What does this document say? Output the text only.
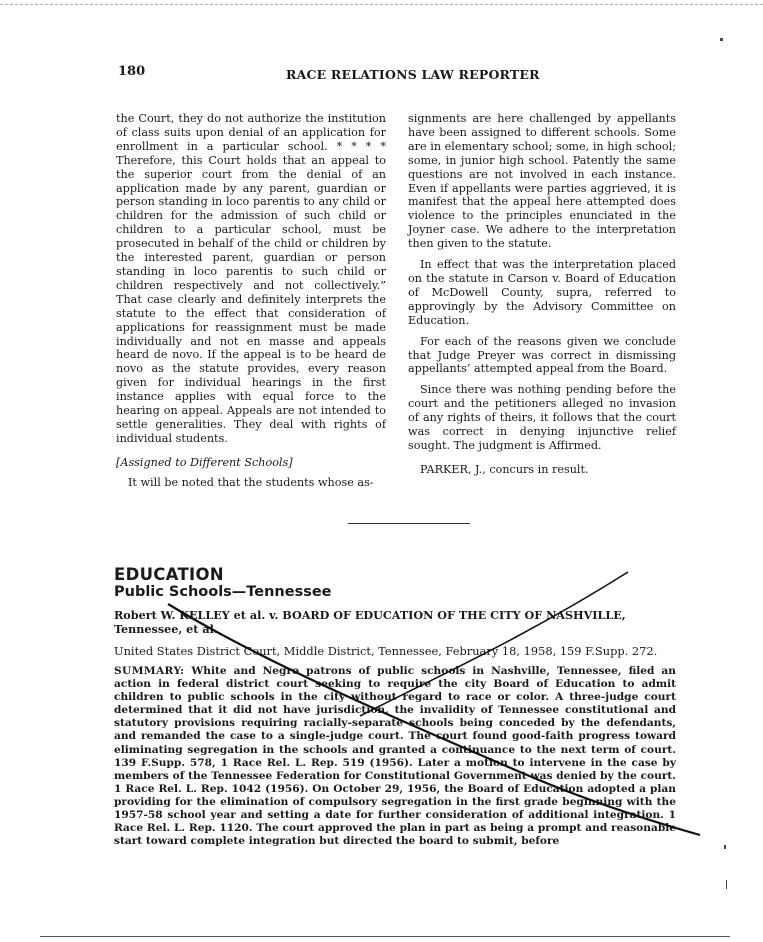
180	RACE RELATIONS LAW REPORTER

the Court, they do not authorize the institution of class suits upon denial of an application for enrollment in a particular school. * * * * Therefore, this Court holds that an appeal to the superior court from the denial of an application made by any parent, guardian or person standing in loco parentis to any child or children for the admission of such child or children to a particular school, must be prosecuted in behalf of the child or children by the interested parent, guardian or person standing in loco parentis to such child or children respectively and not collectively.” That case clearly and definitely interprets the statute to the effect that consideration of applications for reassignment must be made individually and not en masse and appeals heard de novo. If the appeal is to be heard de novo as the statute provides, every reason given for individual hearings in the first instance applies with equal force to the hearing on appeal. Appeals are not intended to settle generalities. They deal with rights of individual students.

[Assigned to Different Schools]

It will be noted that the students whose as-

signments are here challenged by appellants have been assigned to different schools. Some are in elementary school; some, in high school; some, in junior high school. Patently the same questions are not involved in each instance. Even if appellants were parties aggrieved, it is manifest that the appeal here attempted does violence to the principles enunciated in the Joyner case. We adhere to the interpretation then given to the statute.

In effect that was the interpretation placed on the statute in Carson v. Board of Education of McDowell County, supra, referred to approvingly by the Advisory Committee on Education.

For each of the reasons given we conclude that Judge Preyer was correct in dismissing appellants’ attempted appeal from the Board.

Since there was nothing pending before the court and the petitioners alleged no invasion of any rights of theirs, it follows that the court was correct in denying injunctive relief sought. The judgment is Affirmed.

PARKER, J., concurs in result.

EDUCATION
Public Schools—Tennessee
Robert W. KELLEY et al. v. BOARD OF EDUCATION OF THE CITY OF NASHVILLE, Tennessee, et al.
United States District Court, Middle District, Tennessee, February 18, 1958, 159 F.Supp. 272.
SUMMARY: White and Negro patrons of public schools in Nashville, Tennessee, filed an action in federal district court seeking to require the city Board of Education to admit children to public schools in the city without regard to race or color. A three-judge court determined that it did not have jurisdiction, the invalidity of Tennessee constitutional and statutory provisions requiring racially-separate schools being conceded by the defendants, and remanded the case to a single-judge court. The court found good-faith progress toward eliminating segregation in the schools and granted a continuance to the next term of court. 139 F.Supp. 578, 1 Race Rel. L. Rep. 519 (1956). Later a motion to intervene in the case by members of the Tennessee Federation for Constitutional Government was denied by the court. 1 Race Rel. L. Rep. 1042 (1956). On October 29, 1956, the Board of Education adopted a plan providing for the elimination of compulsory segregation in the first grade beginning with the 1957-58 school year and setting a date for further consideration of additional integration. 1 Race Rel. L. Rep. 1120. The court approved the plan in part as being a prompt and reasonable start toward complete integration but directed the board to submit, before
